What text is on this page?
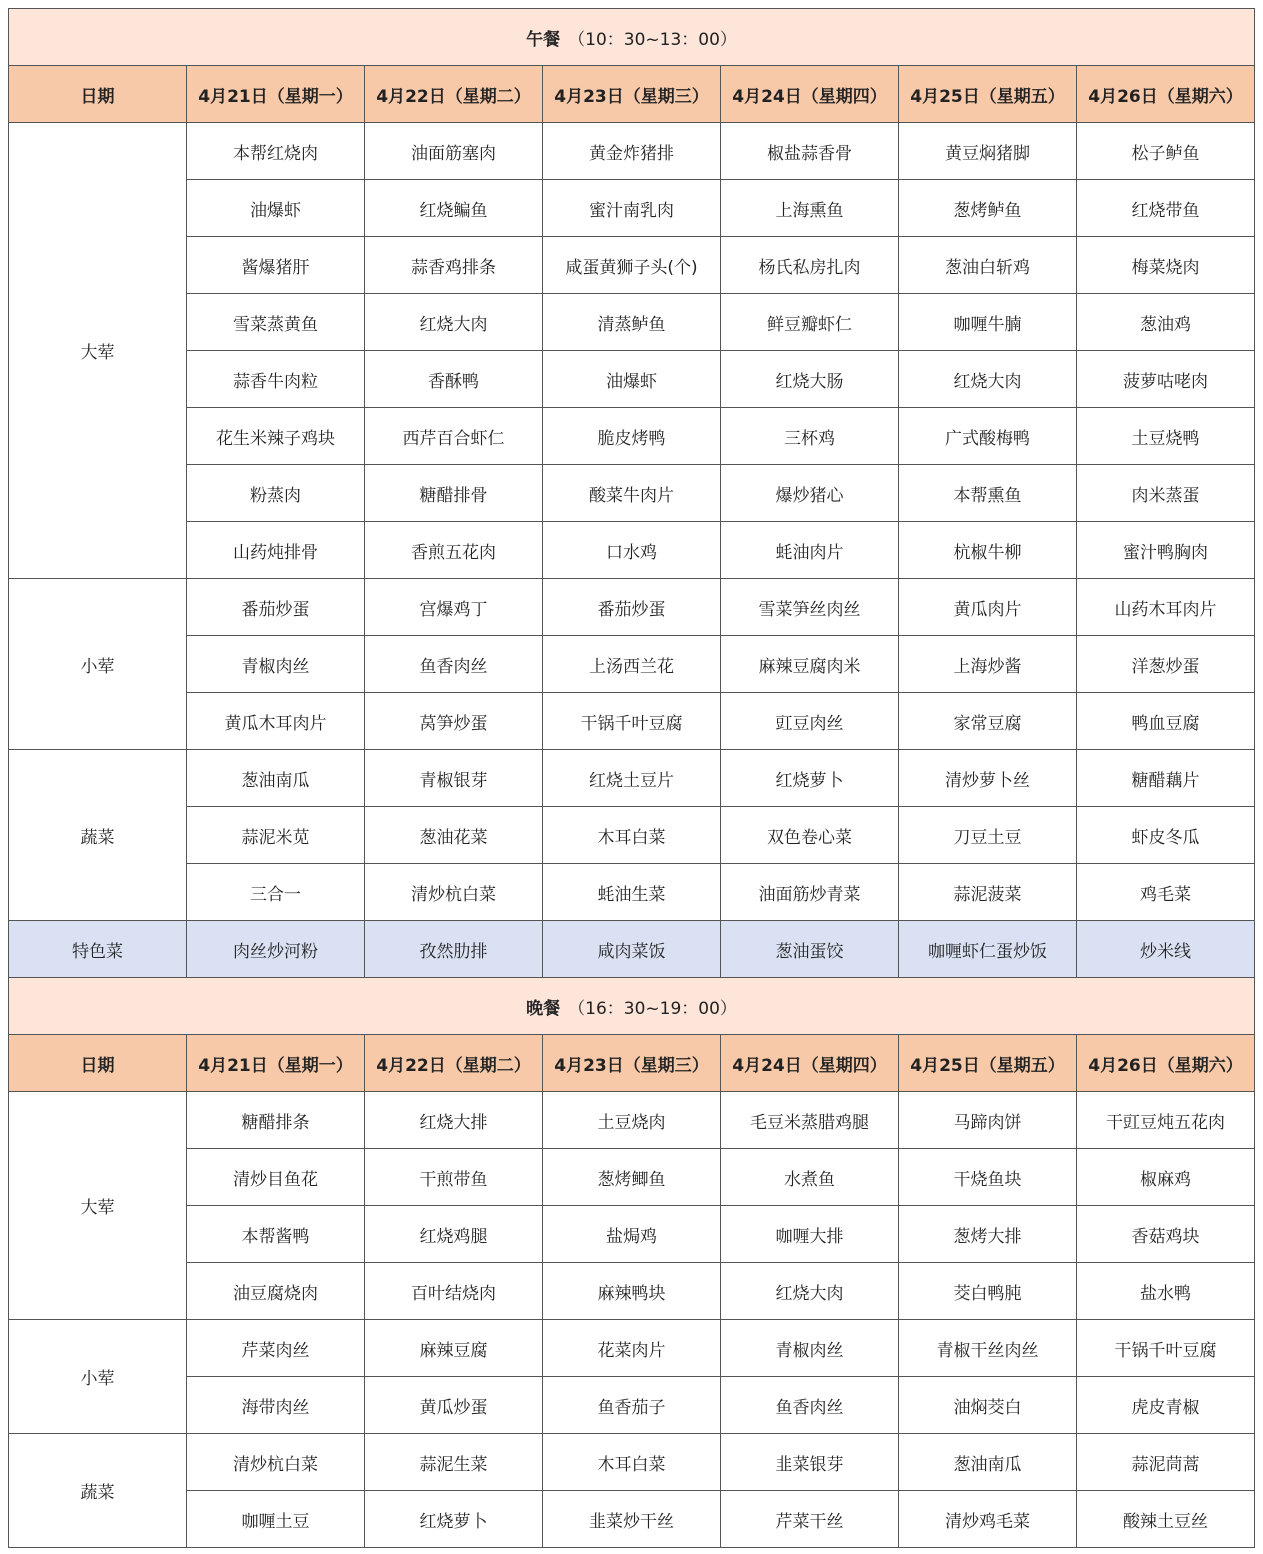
午餐 （10：30~13：00）						
日期	4月21日（星期一）	4月22日（星期二）	4月23日（星期三）	4月24日（星期四）	4月25日（星期五）	4月26日（星期六）
大荤	本帮红烧肉	油面筋塞肉	黄金炸猪排	椒盐蒜香骨	黄豆焖猪脚	松子鲈鱼
	油爆虾	红烧鳊鱼	蜜汁南乳肉	上海熏鱼	葱烤鲈鱼	红烧带鱼
	酱爆猪肝	蒜香鸡排条	咸蛋黄狮子头(个)	杨氏私房扎肉	葱油白斩鸡	梅菜烧肉
	雪菜蒸黄鱼	红烧大肉	清蒸鲈鱼	鲜豆瓣虾仁	咖喱牛腩	葱油鸡
	蒜香牛肉粒	香酥鸭	油爆虾	红烧大肠	红烧大肉	菠萝咕咾肉
	花生米辣子鸡块	西芹百合虾仁	脆皮烤鸭	三杯鸡	广式酸梅鸭	土豆烧鸭
	粉蒸肉	糖醋排骨	酸菜牛肉片	爆炒猪心	本帮熏鱼	肉米蒸蛋
	山药炖排骨	香煎五花肉	口水鸡	蚝油肉片	杭椒牛柳	蜜汁鸭胸肉
小荤	番茄炒蛋	宫爆鸡丁	番茄炒蛋	雪菜笋丝肉丝	黄瓜肉片	山药木耳肉片
	青椒肉丝	鱼香肉丝	上汤西兰花	麻辣豆腐肉米	上海炒酱	洋葱炒蛋
	黄瓜木耳肉片	莴笋炒蛋	干锅千叶豆腐	豇豆肉丝	家常豆腐	鸭血豆腐
蔬菜	葱油南瓜	青椒银芽	红烧土豆片	红烧萝卜	清炒萝卜丝	糖醋藕片
	蒜泥米苋	葱油花菜	木耳白菜	双色卷心菜	刀豆土豆	虾皮冬瓜
	三合一	清炒杭白菜	蚝油生菜	油面筋炒青菜	蒜泥菠菜	鸡毛菜
特色菜	肉丝炒河粉	孜然肋排	咸肉菜饭	葱油蛋饺	咖喱虾仁蛋炒饭	炒米线
晚餐 （16：30~19：00）						
日期	4月21日（星期一）	4月22日（星期二）	4月23日（星期三）	4月24日（星期四）	4月25日（星期五）	4月26日（星期六）
大荤	糖醋排条	红烧大排	土豆烧肉	毛豆米蒸腊鸡腿	马蹄肉饼	干豇豆炖五花肉
	清炒目鱼花	干煎带鱼	葱烤鲫鱼	水煮鱼	干烧鱼块	椒麻鸡
	本帮酱鸭	红烧鸡腿	盐焗鸡	咖喱大排	葱烤大排	香菇鸡块
	油豆腐烧肉	百叶结烧肉	麻辣鸭块	红烧大肉	茭白鸭肫	盐水鸭
小荤	芹菜肉丝	麻辣豆腐	花菜肉片	青椒肉丝	青椒干丝肉丝	干锅千叶豆腐
	海带肉丝	黄瓜炒蛋	鱼香茄子	鱼香肉丝	油焖茭白	虎皮青椒
蔬菜	清炒杭白菜	蒜泥生菜	木耳白菜	韭菜银芽	葱油南瓜	蒜泥茼蒿
	咖喱土豆	红烧萝卜	韭菜炒干丝	芹菜干丝	清炒鸡毛菜	酸辣土豆丝
